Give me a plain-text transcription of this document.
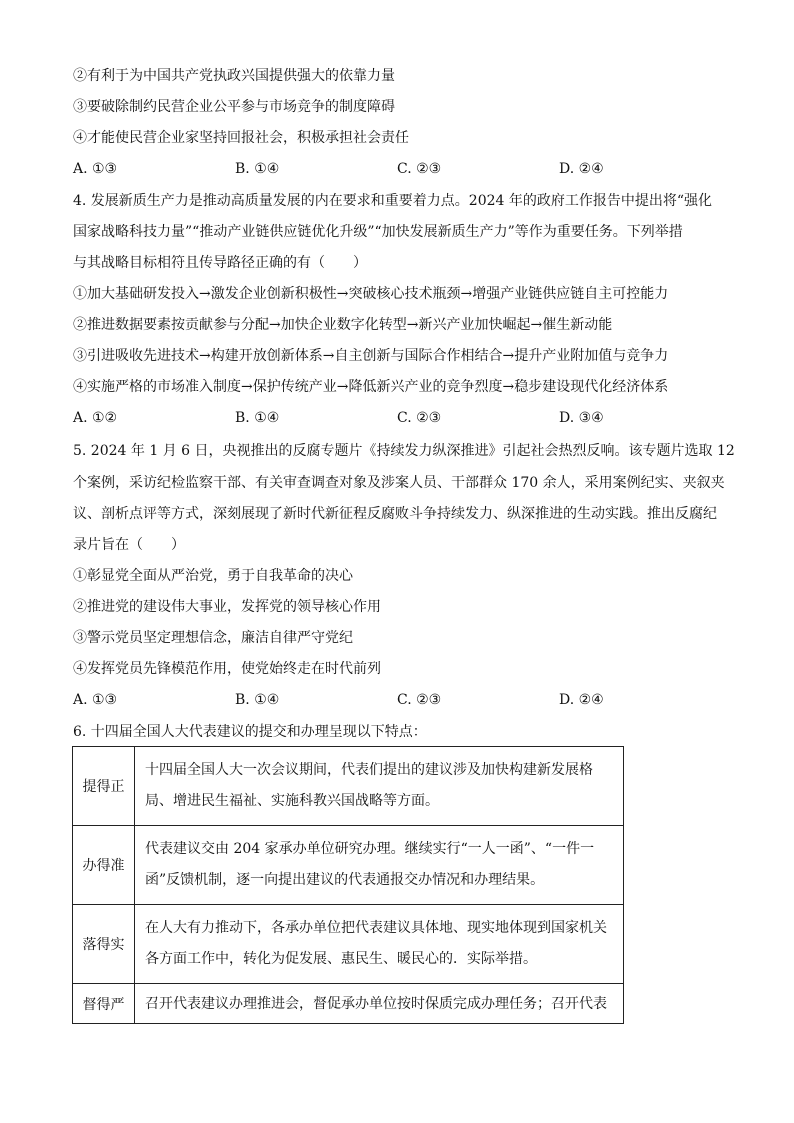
②有利于为中国共产党执政兴国提供强大的依靠力量
③要破除制约民营企业公平参与市场竞争的制度障碍
④才能使民营企业家坚持回报社会，积极承担社会责任
A. ①③	B. ①④	C. ②③	D. ②④
4. 发展新质生产力是推动高质量发展的内在要求和重要着力点。2024 年的政府工作报告中提出将“强化
国家战略科技力量”“推动产业链供应链优化升级”“加快发展新质生产力”等作为重要任务。下列举措
与其战略目标相符且传导路径正确的有（　　）
①加大基础研发投入→激发企业创新积极性→突破核心技术瓶颈→增强产业链供应链自主可控能力
②推进数据要素按贡献参与分配→加快企业数字化转型→新兴产业加快崛起→催生新动能
③引进吸收先进技术→构建开放创新体系→自主创新与国际合作相结合→提升产业附加值与竞争力
④实施严格的市场准入制度→保护传统产业→降低新兴产业的竞争烈度→稳步建设现代化经济体系
A. ①②	B. ①④	C. ②③	D. ③④
5. 2024 年 1 月 6 日，央视推出的反腐专题片《持续发力纵深推进》引起社会热烈反响。该专题片选取 12
个案例，采访纪检监察干部、有关审查调查对象及涉案人员、干部群众 170 余人，采用案例纪实、夹叙夹
议、剖析点评等方式，深刻展现了新时代新征程反腐败斗争持续发力、纵深推进的生动实践。推出反腐纪
录片旨在（　　）
①彰显党全面从严治党，勇于自我革命的决心
②推进党的建设伟大事业，发挥党的领导核心作用
③警示党员坚定理想信念，廉洁自律严守党纪
④发挥党员先锋模范作用，使党始终走在时代前列
A. ①③	B. ①④	C. ②③	D. ②④
6. 十四届全国人大代表建议的提交和办理呈现以下特点：
提得正	十四届全国人大一次会议期间，代表们提出的建议涉及加快构建新发展格
局、增进民生福祉、实施科教兴国战略等方面。

办得准	代表建议交由 204 家承办单位研究办理。继续实行“一人一函”、“一件一
函”反馈机制，逐一向提出建议的代表通报交办情况和办理结果。

落得实	在人大有力推动下，各承办单位把代表建议具体地、现实地体现到国家机关
各方面工作中，转化为促发展、惠民生、暖民心的．实际举措。

督得严	召开代表建议办理推进会，督促承办单位按时保质完成办理任务；召开代表
